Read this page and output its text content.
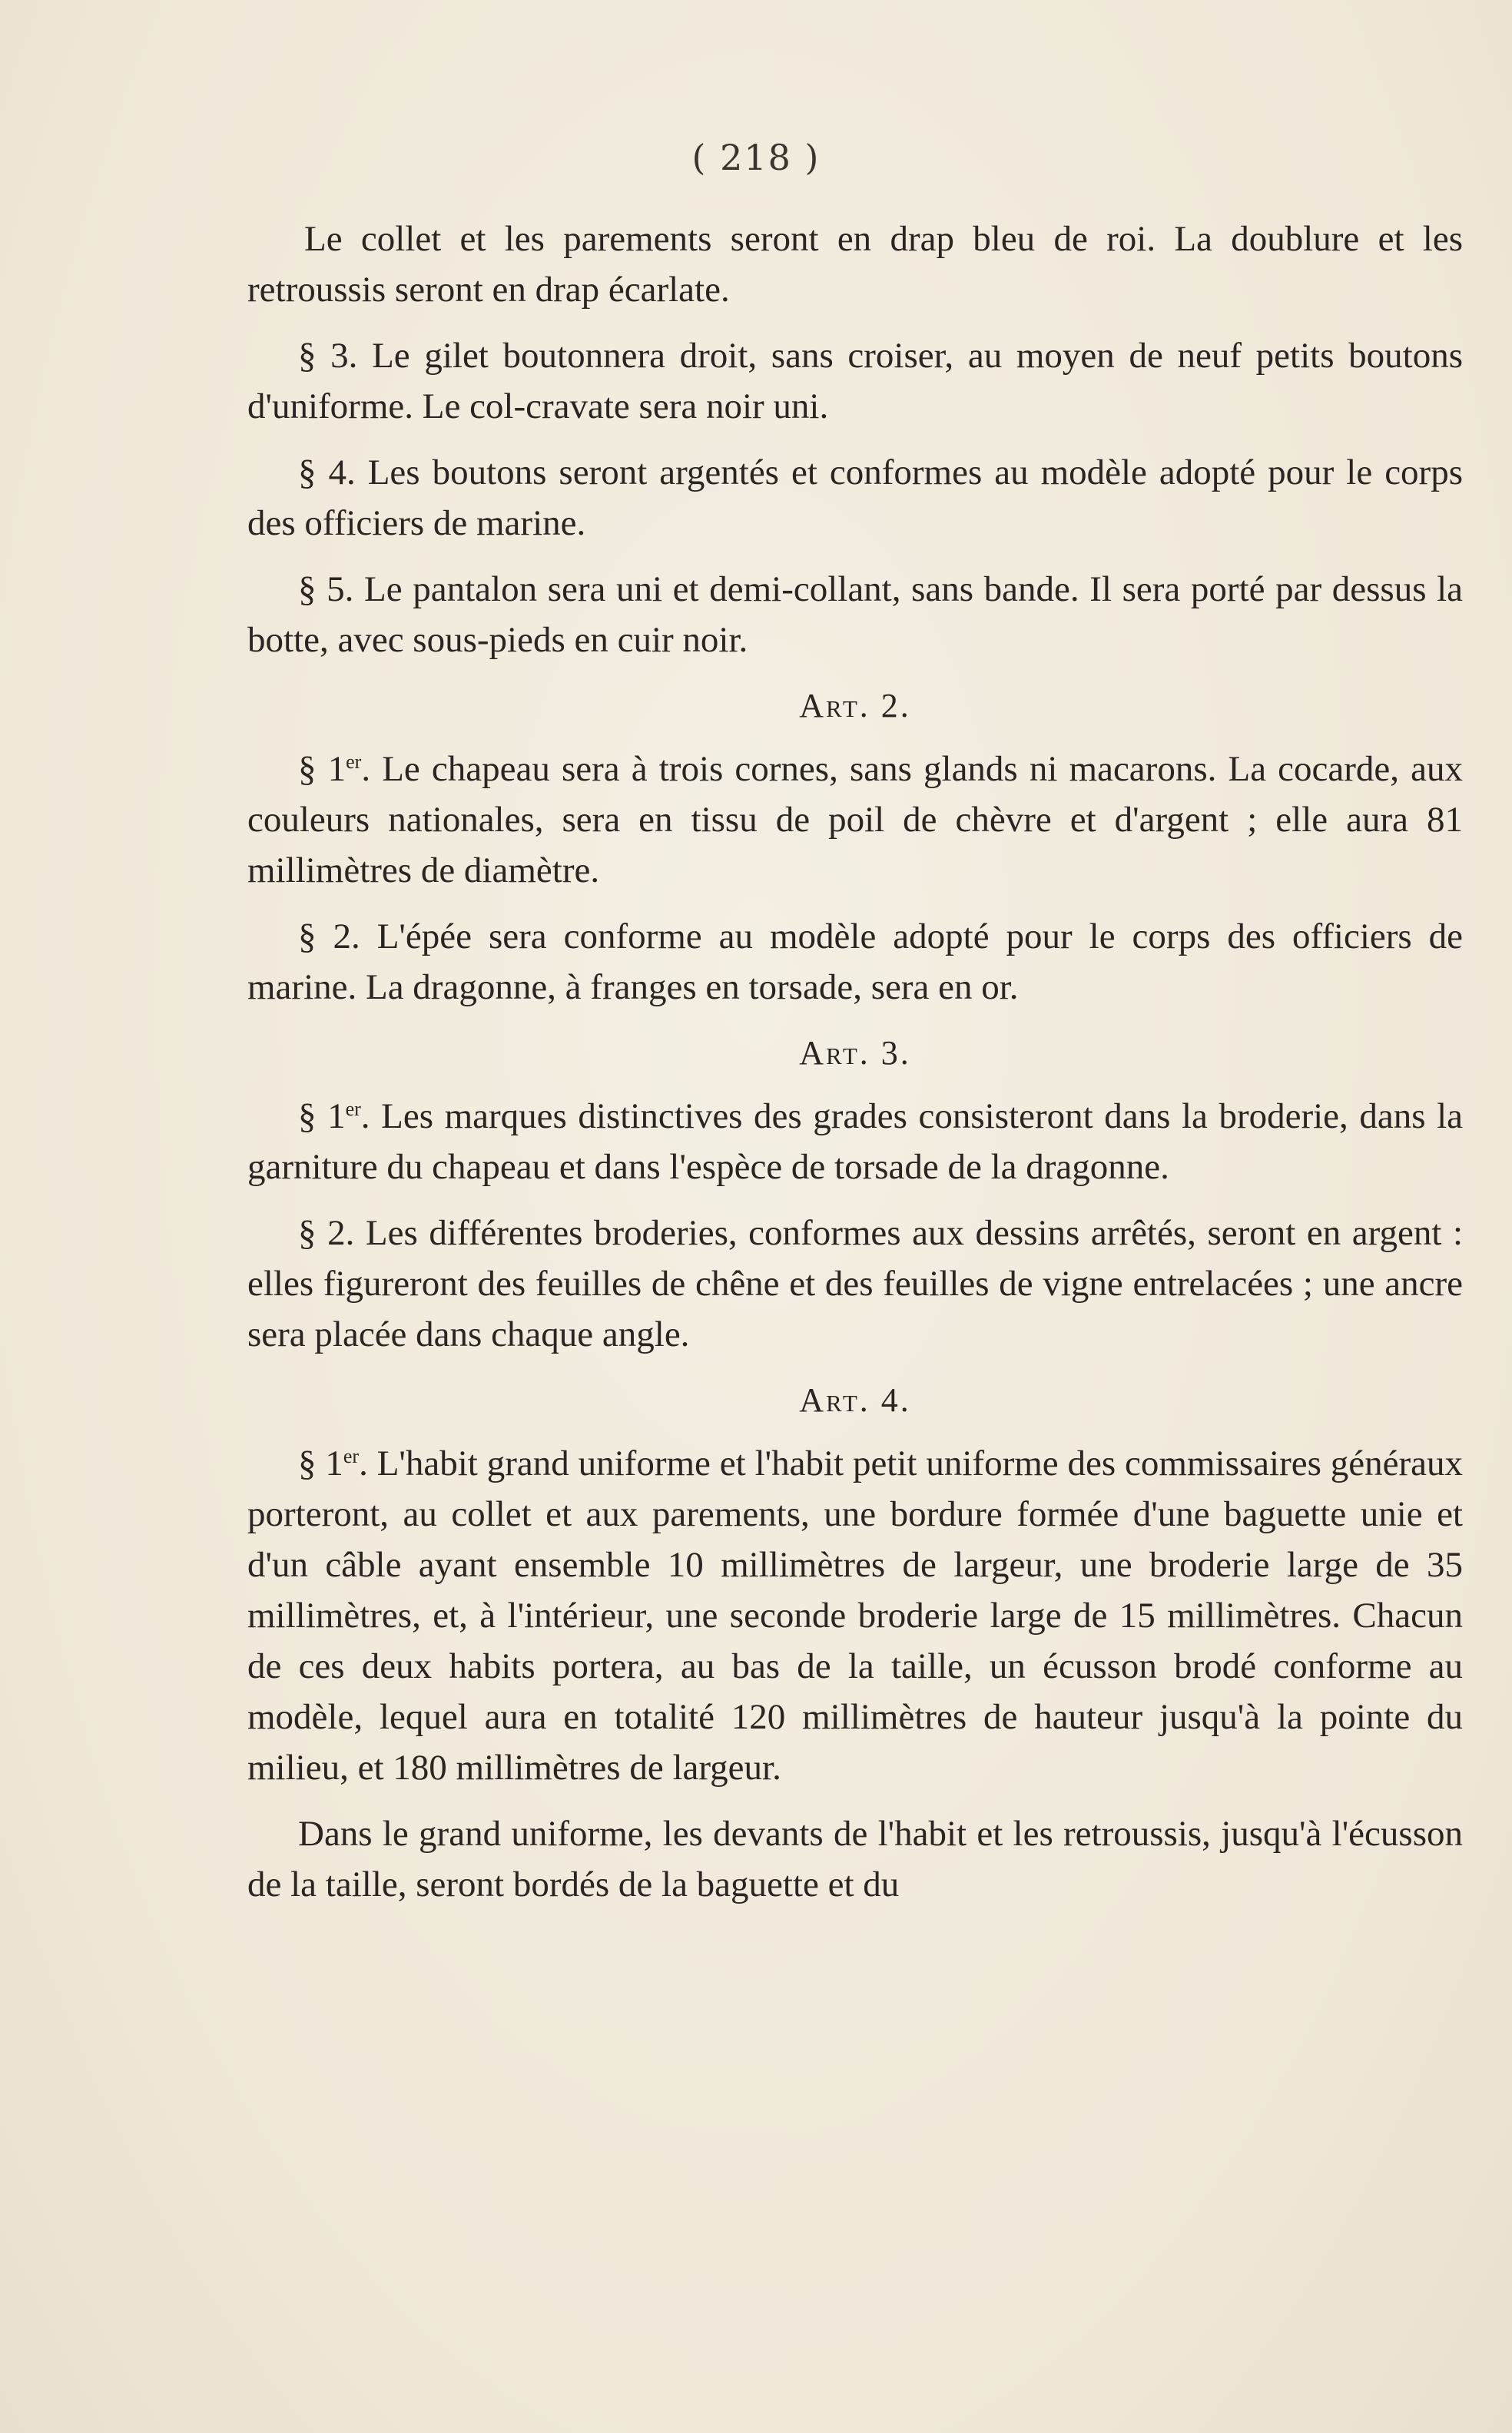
( 218 )

Le collet et les parements seront en drap bleu de roi. La doublure et les retroussis seront en drap écarlate.

§ 3. Le gilet boutonnera droit, sans croiser, au moyen de neuf petits boutons d'uniforme. Le col-cravate sera noir uni.

§ 4. Les boutons seront argentés et conformes au modèle adopté pour le corps des officiers de marine.

§ 5. Le pantalon sera uni et demi-collant, sans bande. Il sera porté par dessus la botte, avec sous-pieds en cuir noir.

Art. 2.

§ 1er. Le chapeau sera à trois cornes, sans glands ni macarons. La cocarde, aux couleurs nationales, sera en tissu de poil de chèvre et d'argent ; elle aura 81 millimètres de diamètre.

§ 2. L'épée sera conforme au modèle adopté pour le corps des officiers de marine. La dragonne, à franges en torsade, sera en or.

Art. 3.

§ 1er. Les marques distinctives des grades consisteront dans la broderie, dans la garniture du chapeau et dans l'espèce de torsade de la dragonne.

§ 2. Les différentes broderies, conformes aux dessins arrêtés, seront en argent : elles figureront des feuilles de chêne et des feuilles de vigne entrelacées ; une ancre sera placée dans chaque angle.

Art. 4.

§ 1er. L'habit grand uniforme et l'habit petit uniforme des commissaires généraux porteront, au collet et aux parements, une bordure formée d'une baguette unie et d'un câble ayant ensemble 10 millimètres de largeur, une broderie large de 35 millimètres, et, à l'intérieur, une seconde broderie large de 15 millimètres. Chacun de ces deux habits portera, au bas de la taille, un écusson brodé conforme au modèle, lequel aura en totalité 120 millimètres de hauteur jusqu'à la pointe du milieu, et 180 millimètres de largeur.

Dans le grand uniforme, les devants de l'habit et les retroussis, jusqu'à l'écusson de la taille, seront bordés de la baguette et du
